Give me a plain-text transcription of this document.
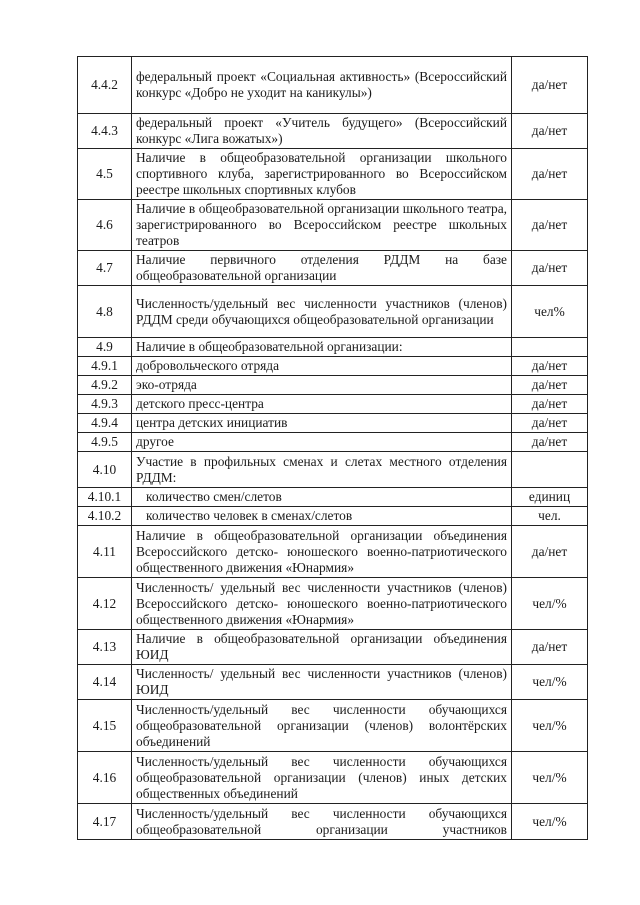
4.4.2	федеральный проект «Социальная активность» (Всероссийский конкурс «Добро не уходит на каникулы»)	да/нет
4.4.3	федеральный проект «Учитель будущего» (Всероссийский конкурс «Лига вожатых»)	да/нет
4.5	Наличие в общеобразовательной организации школьного спортивного клуба, зарегистрированного во Всероссийском реестре школьных спортивных клубов	да/нет
4.6	Наличие в общеобразовательной организации школьного театра, зарегистрированного во Всероссийском реестре школьных театров	да/нет
4.7	Наличие первичного отделения РДДМ на базе общеобразовательной организации	да/нет
4.8	Численность/удельный вес численности участников (членов) РДДМ среди обучающихся общеобразовательной организации	чел%
4.9	Наличие в общеобразовательной организации:	
4.9.1	добровольческого отряда	да/нет
4.9.2	эко-отряда	да/нет
4.9.3	детского пресс-центра	да/нет
4.9.4	центра детских инициатив	да/нет
4.9.5	другое	да/нет
4.10	Участие в профильных сменах и слетах местного отделения РДДМ:	
4.10.1	количество смен/слетов	единиц
4.10.2	количество человек в сменах/слетов	чел.
4.11	Наличие в общеобразовательной организации объединения Всероссийского детско- юношеского военно-патриотического общественного движения «Юнармия»	да/нет
4.12	Численность/ удельный вес численности участников (членов) Всероссийского детско- юношеского военно-патриотического общественного движения «Юнармия»	чел/%
4.13	Наличие в общеобразовательной организации объединения ЮИД	да/нет
4.14	Численность/ удельный вес численности участников (членов) ЮИД	чел/%
4.15	Численность/удельный вес численности обучающихся общеобразовательной организации (членов) волонтёрских объединений	чел/%
4.16	Численность/удельный вес численности обучающихся общеобразовательной организации (членов) иных детских общественных объединений	чел/%
4.17	Численность/удельный вес численности обучающихся общеобразовательной организации участников	чел/%
